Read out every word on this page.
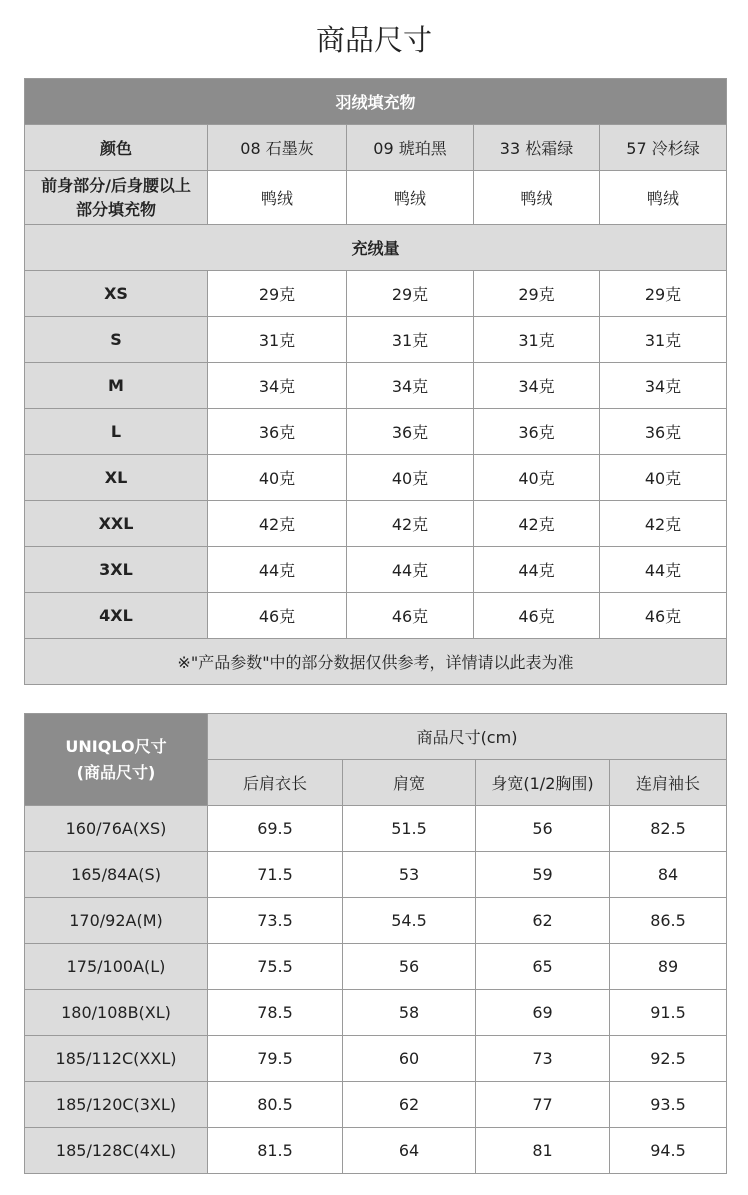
商品尺寸
羽绒填充物				
颜色	08 石墨灰	09 琥珀黑	33 松霜绿	57 冷杉绿
前身部分/后身腰以上
部分填充物	鸭绒	鸭绒	鸭绒	鸭绒
充绒量				
XS	29克	29克	29克	29克
S	31克	31克	31克	31克
M	34克	34克	34克	34克
L	36克	36克	36克	36克
XL	40克	40克	40克	40克
XXL	42克	42克	42克	42克
3XL	44克	44克	44克	44克
4XL	46克	46克	46克	46克
※"产品参数"中的部分数据仅供参考，详情请以此表为准				
UNIQLO尺寸
(商品尺寸)	商品尺寸(cm)			
	后肩衣长	肩宽	身宽(1/2胸围)	连肩袖长
160/76A(XS)	69.5	51.5	56	82.5
165/84A(S)	71.5	53	59	84
170/92A(M)	73.5	54.5	62	86.5
175/100A(L)	75.5	56	65	89
180/108B(XL)	78.5	58	69	91.5
185/112C(XXL)	79.5	60	73	92.5
185/120C(3XL)	80.5	62	77	93.5
185/128C(4XL)	81.5	64	81	94.5
